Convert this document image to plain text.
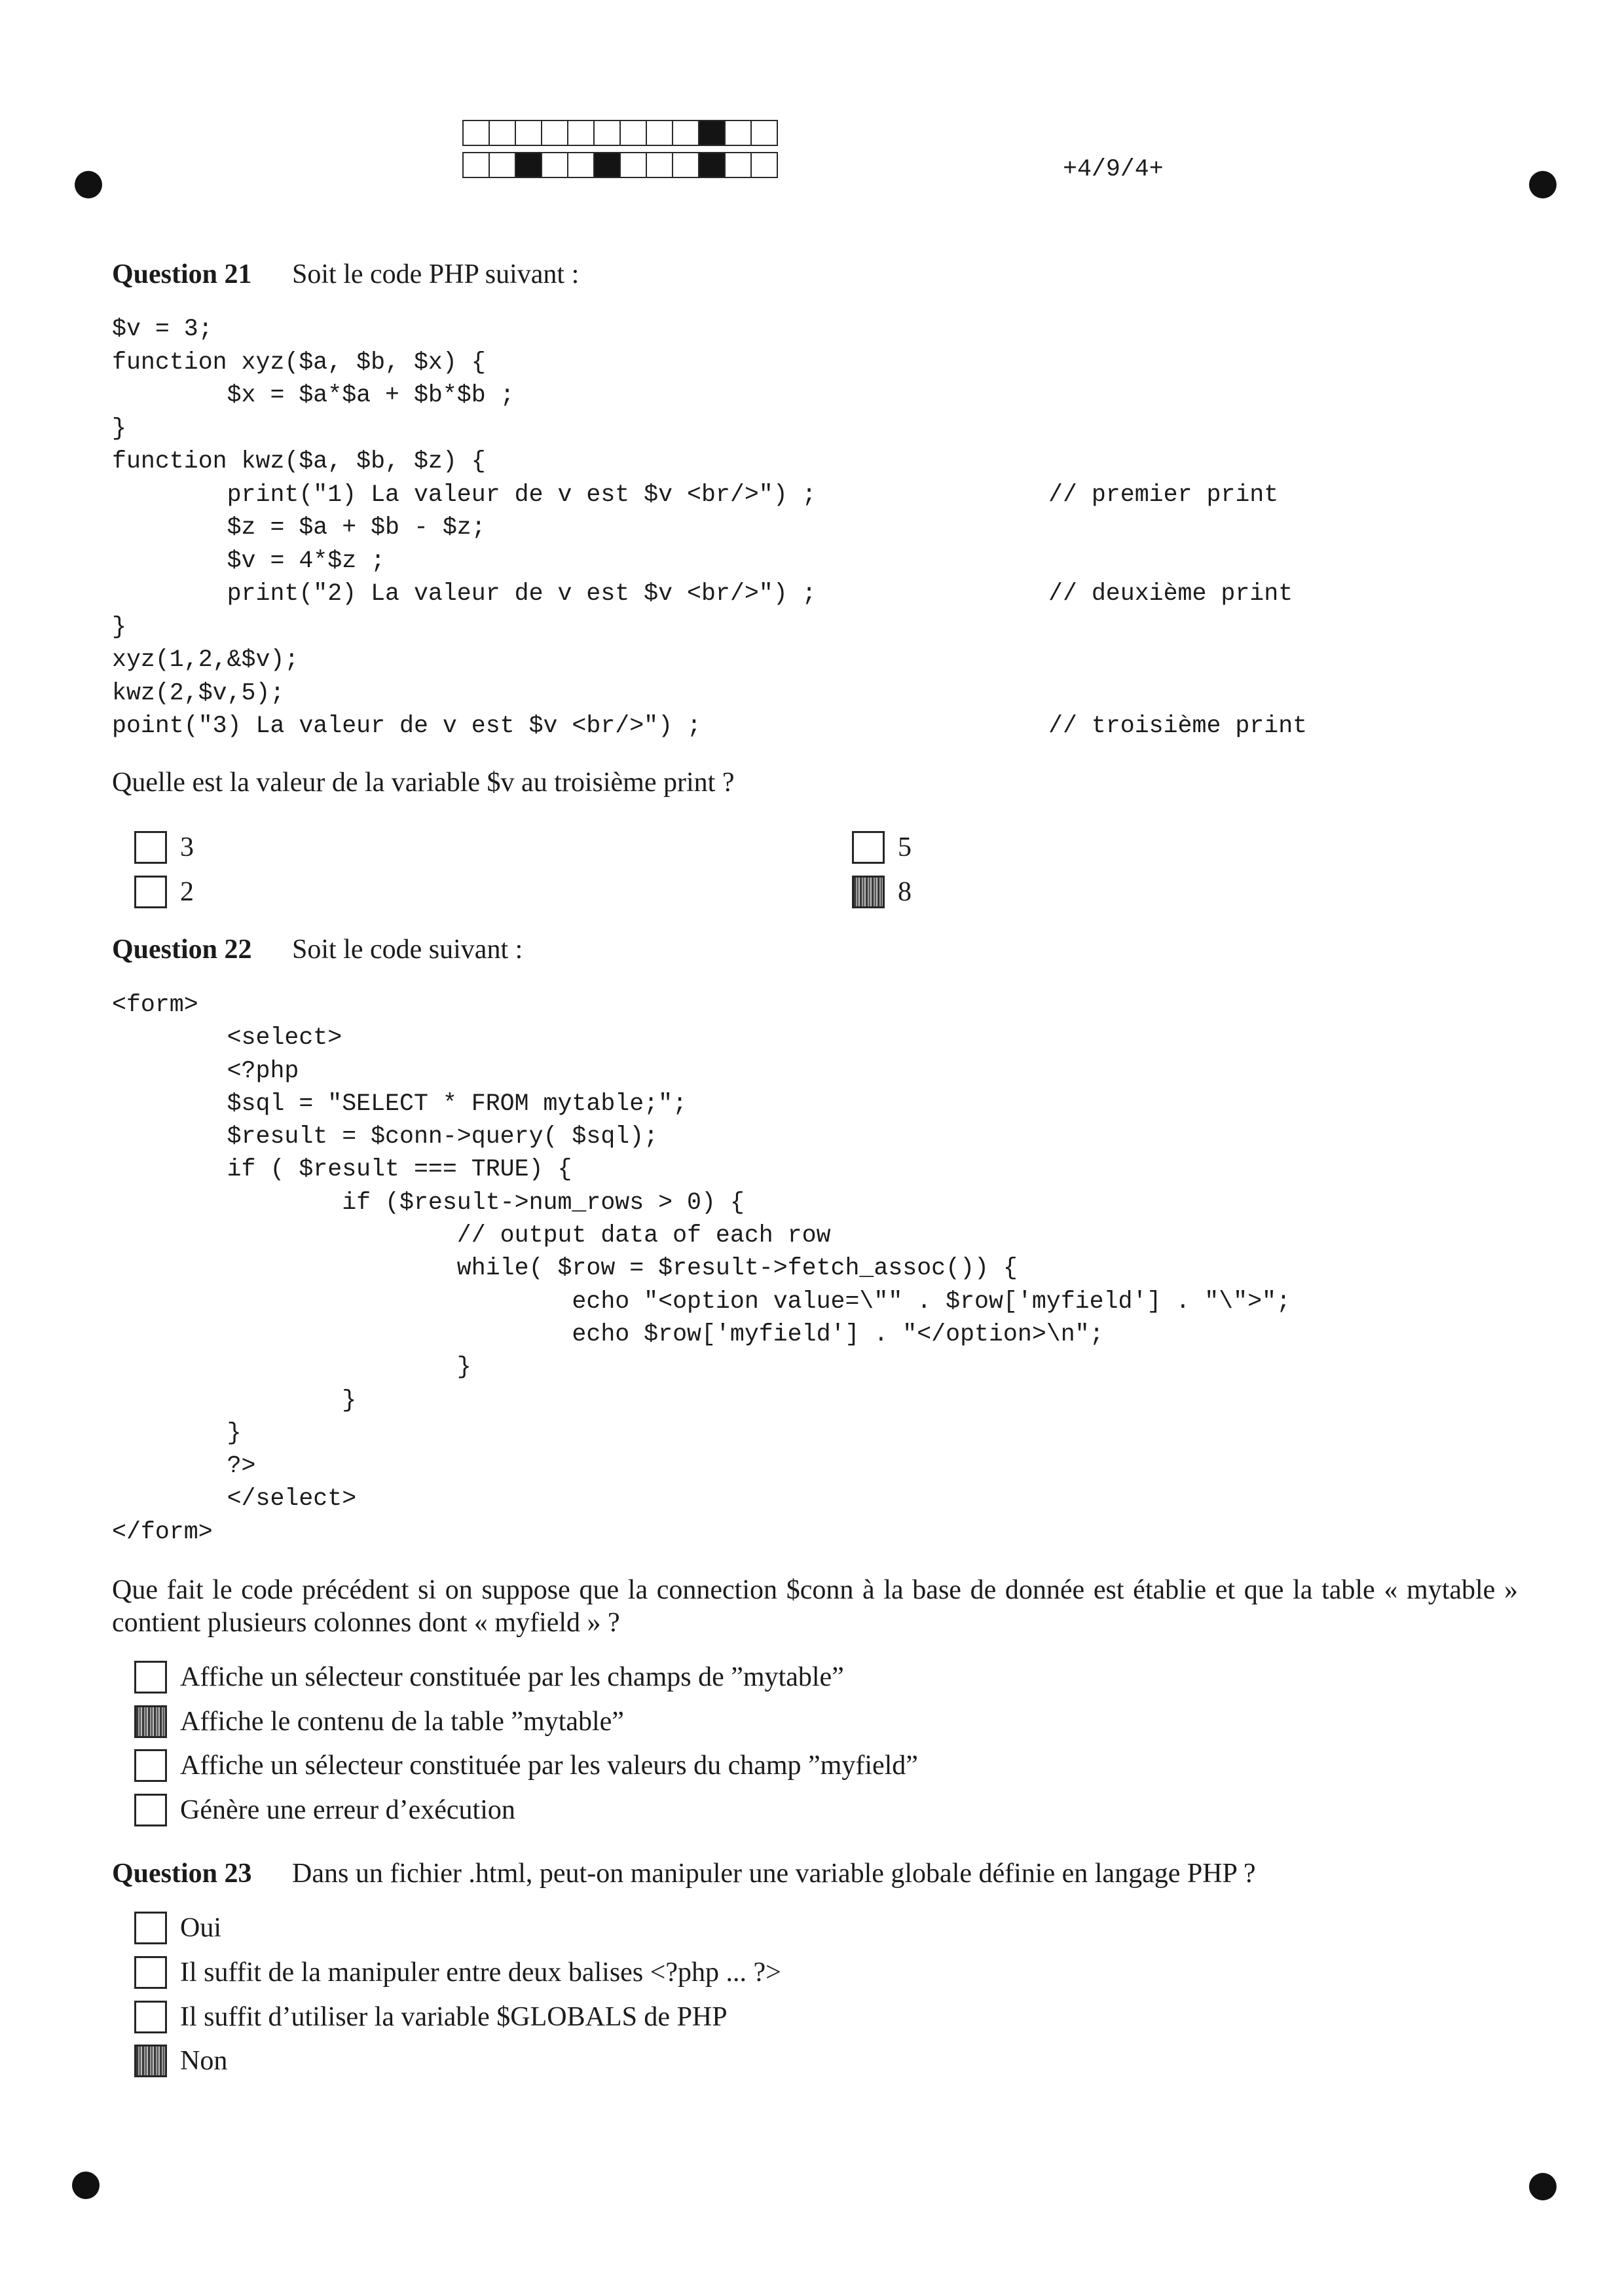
+4/9/4+
Question 21 Soit le code PHP suivant :
$v = 3;
function xyz($a, $b, $x) {
$x = $a*$a + $b*$b ;
}
function kwz($a, $b, $z) {
print("1) La valeur de v est $v <br/>") ;	// premier print
$z = $a + $b - $z;
$v = 4*$z ;
print("2) La valeur de v est $v <br/>") ;	// deuxième print
}
xyz(1,2,&$v);
kwz(2,$v,5);
point("3) La valeur de v est $v <br/>") ;	// troisième print
Quelle est la valeur de la variable $v au troisième print ?
3
2
5
8
Question 22 Soit le code suivant :
<form>
<select>
<?php
$sql = "SELECT * FROM mytable;";
$result = $conn->query( $sql);
if ( $result === TRUE) {
if ($result->num_rows > 0) {
// output data of each row
while( $row = $result->fetch_assoc()) {
echo "<option value=\"" . $row['myfield'] . "\">";
echo $row['myfield'] . "</option>\n";
}
}
}
?>
</select>
</form>
Que fait le code précédent si on suppose que la connection $conn à la base de donnée est établie et que la table « mytable » contient plusieurs colonnes dont « myfield » ?
Affiche un sélecteur constituée par les champs de ”mytable”
Affiche le contenu de la table ”mytable”
Affiche un sélecteur constituée par les valeurs du champ ”myfield”
Génère une erreur d’exécution
Question 23 Dans un fichier .html, peut-on manipuler une variable globale définie en langage PHP ?
Oui
Il suffit de la manipuler entre deux balises <?php ... ?>
Il suffit d’utiliser la variable $GLOBALS de PHP
Non
